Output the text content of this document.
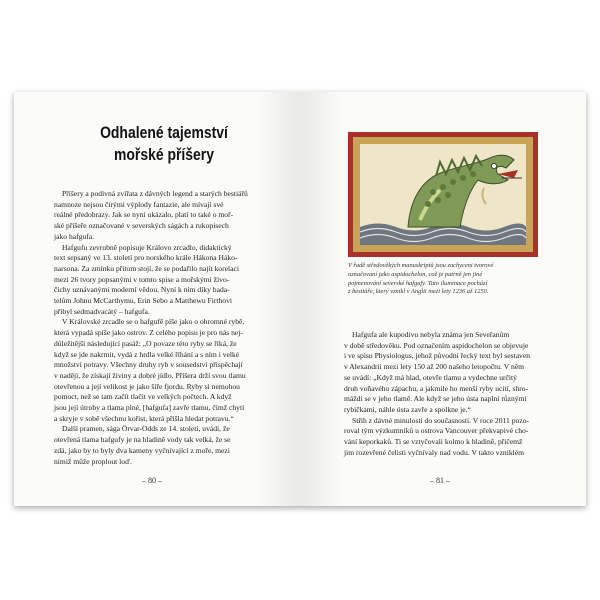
Odhalené tajemství
mořské příšery
Příšery a podivná zvířata z dávných legend a starých bestiářů
namnoze nejsou čirými výplody fantazie, ale mívají své
reálné předobrazy. Jak se nyní ukázalo, platí to také o moř-
ské příšeře označované v severských ságách a rukopisech
jako hafgufa.
Hafgufu zevrubně popisuje Královo zrcadlo, didaktický
text sepsaný ve 13. století pro norského krále Hákona Háko-
narsona. Za zmínku přitom stojí, že se podařilo najít korelaci
mezi 26 tvory popsanými v tomto spise a mořskými živo-
čichy uznávanými moderní vědou. Nyní k nim díky bada-
telům Johnu McCarthymu, Erin Sebo a Matthewu Firthovi
přibyl sedmadvacátý – hafgufa.
V Královské zrcadle se o hafgufě píše jako o ohromné rybě,
která vypadá spíše jako ostrov. Z celého popisu je pro nás nej-
důležitější následující pasáž: „O povaze této ryby se říká, že
když se jde nakrmit, vydá z hrdla velké říhání a s ním i velké
množství potravy. Všechny druhy ryb v sousedství přispěchají
v naději, že získají živiny a dobré jídlo. Příšera drží svou tlamu
otevřenou a její velikost je jako šíře fjordu. Ryby si nemohou
pomoct, než se tam začít tlačit ve velkých počtech. A když
jsou její útroby a tlama plné, [hafgufa] zavře tlamu, čímž chytí
a skryje v sobě všechnu kořist, která přišla hledat potravu.“
Další pramen, sága Örvar-Odds ze 14. století, uvádí, že
otevřená tlama hafgufy je na hladině vody tak velká, že se
zdá, jako by to byly dva kameny vyčnívající z moře, mezi
nimiž může proplout loď.
– 80 –
V řadě středověkých manuskriptů jsou zachyceni tvorové
označovaní jako aspidochelon, což je patrně jen jiné
pojmenování severské hafgufy. Tato iluminace pochází
z bestiáře, který vznikl v Anglii mezi lety 1236 až 1250.
Hafgufa ale kupodivu nebyla známa jen Seveřanům
v době středověku. Pod označením aspidochelon se objevuje
i ve spisu Physiologus, jehož původní řecký text byl sestaven
v Alexandrii mezi lety 150 až 200 našeho letopočtu. V něm
se uvádí: „Když má hlad, otevře tlamu a vydechne určitý
druh voňavého zápachu, a jakmile ho menší ryby ucítí, shro-
máždí se v jeho tlamě. Ale když se jeho ústa naplní různými
rybičkami, náhle ústa zavře a spolkne je.“
Střih z dávné minulosti do současnosti. V roce 2011 pozo-
roval tým výzkumníků u ostrova Vancouver překvapivé cho-
vání keporkaků. Ti se vztyčovali kolmo k hladině, přičemž
jim rozevřené čelisti vyčnívaly nad vodu. V takto vzniklém
– 81 –
